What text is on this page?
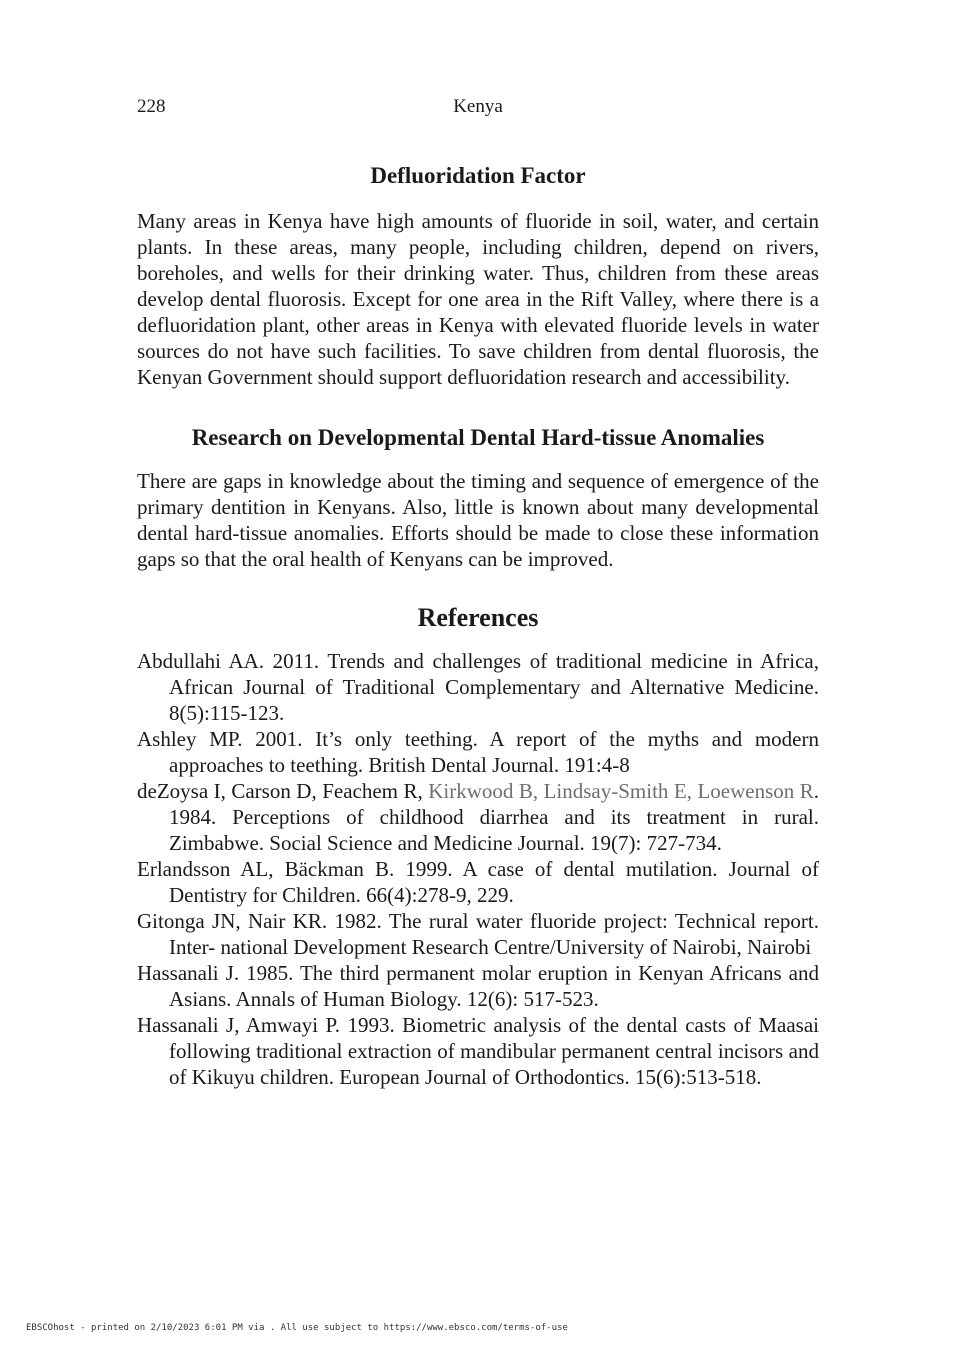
228	Kenya
Defluoridation Factor

Many areas in Kenya have high amounts of fluoride in soil, water, and certain plants. In these areas, many people, including children, depend on rivers, boreholes, and wells for their drinking water. Thus, children from these areas develop dental fluorosis. Except for one area in the Rift Valley, where there is a defluoridation plant, other areas in Kenya with elevated fluoride levels in water sources do not have such facilities. To save children from dental fluorosis, the Kenyan Government should support defluoridation research and accessibility.

Research on Developmental Dental Hard-tissue Anomalies

There are gaps in knowledge about the timing and sequence of emergence of the primary dentition in Kenyans. Also, little is known about many developmental dental hard-tissue anomalies. Efforts should be made to close these information gaps so that the oral health of Kenyans can be improved.

References
Abdullahi AA. 2011. Trends and challenges of traditional medicine in Africa, African Journal of Traditional Complementary and Alternative Medicine. 8(5):115-123.
Ashley MP. 2001. It’s only teething. A report of the myths and modern approaches to teething. British Dental Journal. 191:4-8
deZoysa I, Carson D, Feachem R, Kirkwood B, Lindsay-Smith E, Loewenson R. 1984. Perceptions of childhood diarrhea and its treatment in rural. Zimbabwe. Social Science and Medicine Journal. 19(7): 727-734.
Erlandsson AL, Bäckman B. 1999. A case of dental mutilation. Journal of Dentistry for Children. 66(4):278-9, 229.
Gitonga JN, Nair KR. 1982. The rural water fluoride project: Technical report. Inter- national Development Research Centre/University of Nairobi, Nairobi
Hassanali J. 1985. The third permanent molar eruption in Kenyan Africans and Asians. Annals of Human Biology. 12(6): 517-523.
Hassanali J, Amwayi P. 1993. Biometric analysis of the dental casts of Maasai following traditional extraction of mandibular permanent central incisors and of Kikuyu children. European Journal of Orthodontics. 15(6):513-518.
EBSCOhost - printed on 2/10/2023 6:01 PM via . All use subject to https://www.ebsco.com/terms-of-use
